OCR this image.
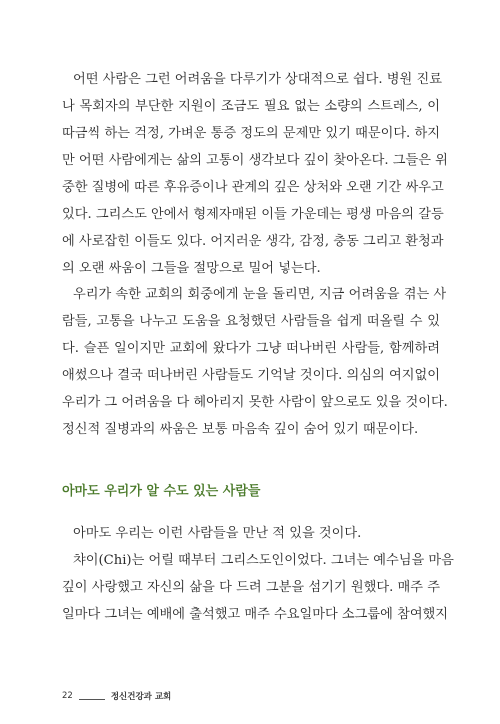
어떤 사람은 그런 어려움을 다루기가 상대적으로 쉽다. 병원 진료
나 목회자의 부단한 지원이 조금도 필요 없는 소량의 스트레스, 이
따금씩 하는 걱정, 가벼운 통증 정도의 문제만 있기 때문이다. 하지
만 어떤 사람에게는 삶의 고통이 생각보다 깊이 찾아온다. 그들은 위
중한 질병에 따른 후유증이나 관계의 깊은 상처와 오랜 기간 싸우고
있다. 그리스도 안에서 형제자매된 이들 가운데는 평생 마음의 갈등
에 사로잡힌 이들도 있다. 어지러운 생각, 감정, 충동 그리고 환청과
의 오랜 싸움이 그들을 절망으로 밀어 넣는다.
우리가 속한 교회의 회중에게 눈을 돌리면, 지금 어려움을 겪는 사
람들, 고통을 나누고 도움을 요청했던 사람들을 쉽게 떠올릴 수 있
다. 슬픈 일이지만 교회에 왔다가 그냥 떠나버린 사람들, 함께하려
애썼으나 결국 떠나버린 사람들도 기억날 것이다. 의심의 여지없이
우리가 그 어려움을 다 헤아리지 못한 사람이 앞으로도 있을 것이다.
정신적 질병과의 싸움은 보통 마음속 깊이 숨어 있기 때문이다.
아마도 우리가 알 수도 있는 사람들
아마도 우리는 이런 사람들을 만난 적 있을 것이다.
챠이(Chi)는 어릴 때부터 그리스도인이었다. 그녀는 예수님을 마음
깊이 사랑했고 자신의 삶을 다 드려 그분을 섬기기 원했다. 매주 주
일마다 그녀는 예배에 출석했고 매주 수요일마다 소그룹에 참여했지
22	정신건강과 교회
